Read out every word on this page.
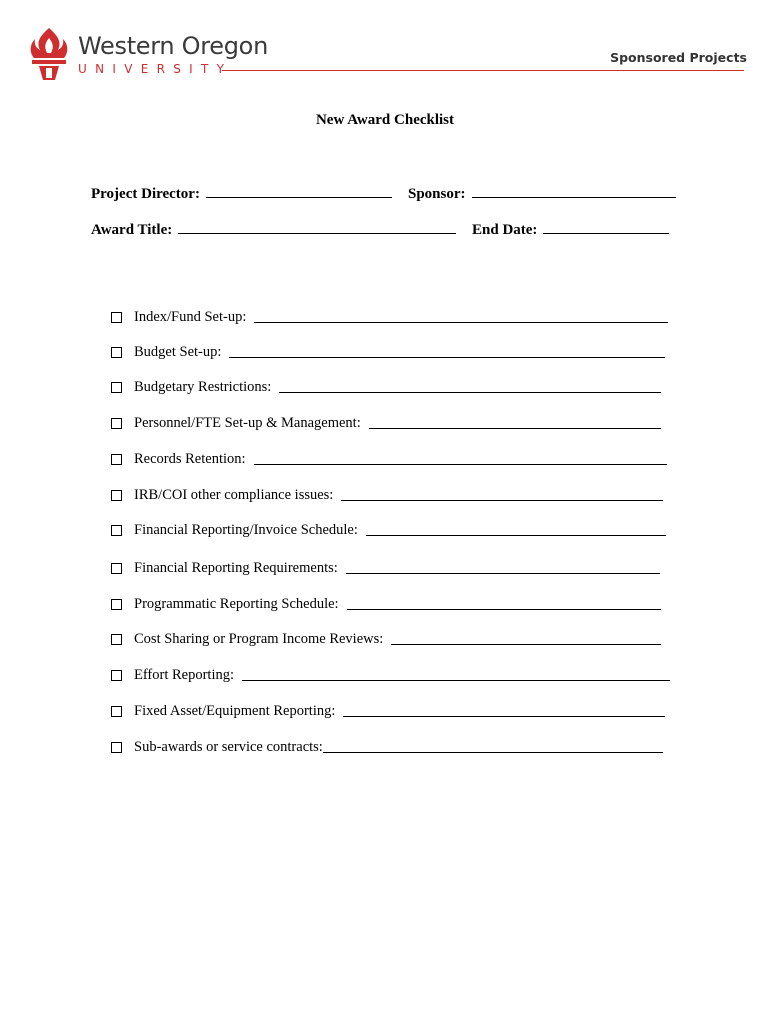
Western Oregon
UNIVERSITY
Sponsored Projects
New Award Checklist
Project Director:	Sponsor:
Award Title:	End Date:
Index/Fund Set-up:
Budget Set-up:
Budgetary Restrictions:
Personnel/FTE Set-up & Management:
Records Retention:
IRB/COI other compliance issues:
Financial Reporting/Invoice Schedule:
Financial Reporting Requirements:
Programmatic Reporting Schedule:
Cost Sharing or Program Income Reviews:
Effort Reporting:
Fixed Asset/Equipment Reporting:
Sub-awards or service contracts:
